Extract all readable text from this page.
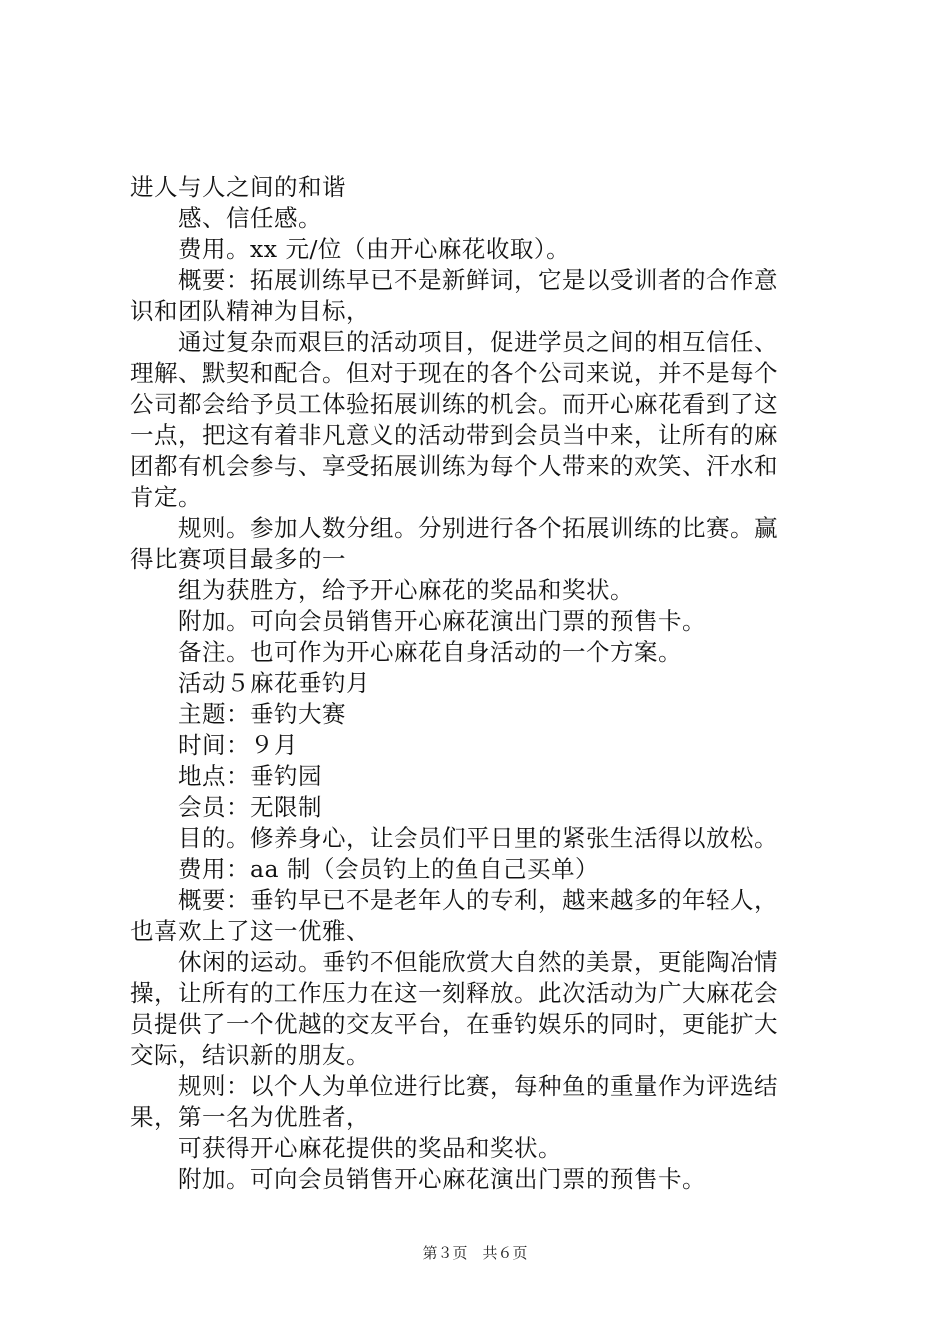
进人与人之间的和谐
感、信任感。
费用。xx 元/位（由开心麻花收取）。
概要：拓展训练早已不是新鲜词，它是以受训者的合作意
识和团队精神为目标，
通过复杂而艰巨的活动项目，促进学员之间的相互信任、
理解、默契和配合。但对于现在的各个公司来说，并不是每个
公司都会给予员工体验拓展训练的机会。而开心麻花看到了这
一点，把这有着非凡意义的活动带到会员当中来，让所有的麻
团都有机会参与、享受拓展训练为每个人带来的欢笑、汗水和
肯定。
规则。参加人数分组。分别进行各个拓展训练的比赛。赢
得比赛项目最多的一
组为获胜方，给予开心麻花的奖品和奖状。
附加。可向会员销售开心麻花演出门票的预售卡。
备注。也可作为开心麻花自身活动的一个方案。
活动５麻花垂钓月
主题：垂钓大赛
时间：９月
地点：垂钓园
会员：无限制
目的。修养身心，让会员们平日里的紧张生活得以放松。
费用：aa 制（会员钓上的鱼自己买单）
概要：垂钓早已不是老年人的专利，越来越多的年轻人，
也喜欢上了这一优雅、
休闲的运动。垂钓不但能欣赏大自然的美景，更能陶冶情
操，让所有的工作压力在这一刻释放。此次活动为广大麻花会
员提供了一个优越的交友平台，在垂钓娱乐的同时，更能扩大
交际，结识新的朋友。
规则：以个人为单位进行比赛，每种鱼的重量作为评选结
果，第一名为优胜者，
可获得开心麻花提供的奖品和奖状。
附加。可向会员销售开心麻花演出门票的预售卡。
第３页　共６页
